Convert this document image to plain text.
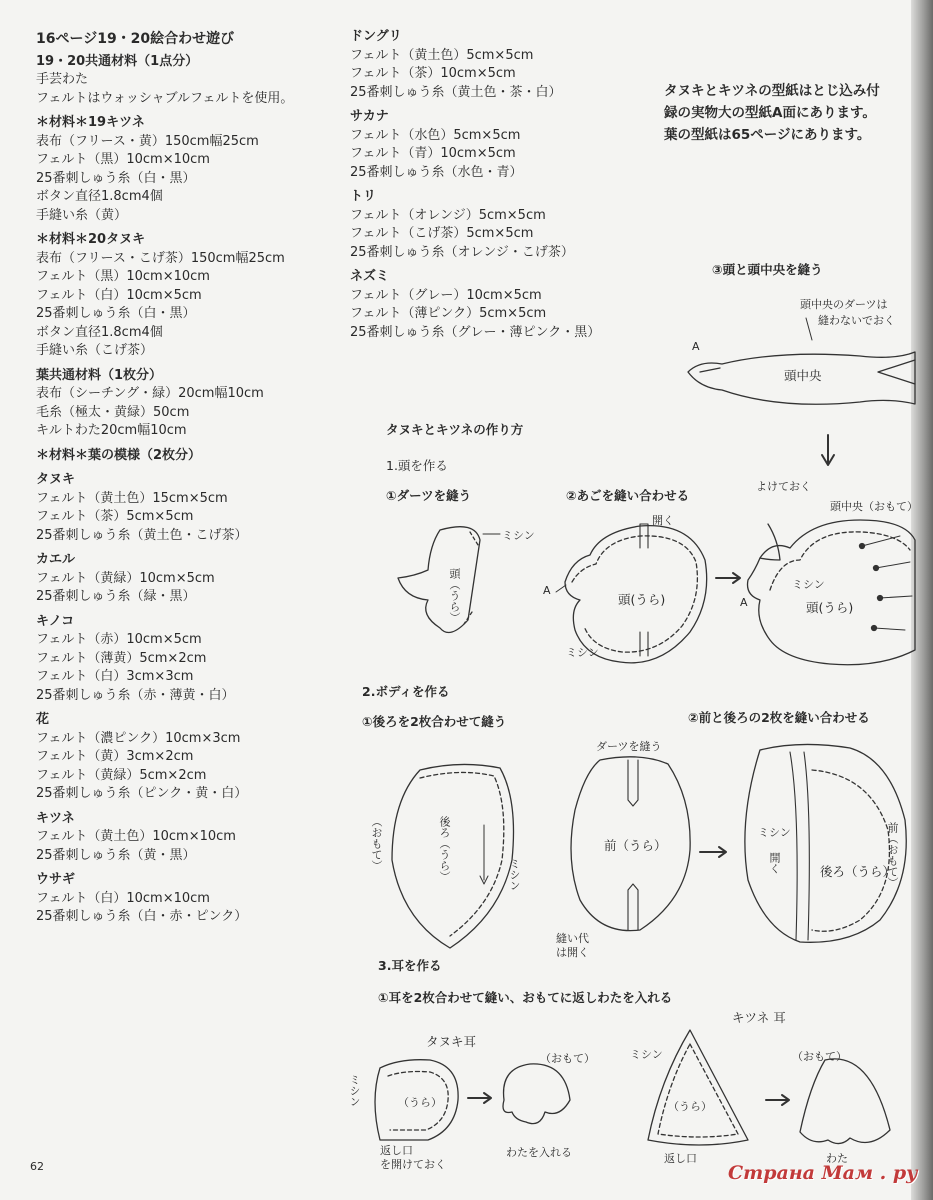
16ページ19・20絵合わせ遊び
19・20共通材料（1点分）
手芸わた
フェルトはウォッシャブルフェルトを使用。
＊材料＊19キツネ
表布（フリース・黄）150cm幅25cm
フェルト（黒）10cm×10cm
25番刺しゅう糸（白・黒）
ボタン直径1.8cm4個
手縫い糸（黄）
＊材料＊20タヌキ
表布（フリース・こげ茶）150cm幅25cm
フェルト（黒）10cm×10cm
フェルト（白）10cm×5cm
25番刺しゅう糸（白・黒）
ボタン直径1.8cm4個
手縫い糸（こげ茶）
葉共通材料（1枚分）
表布（シーチング・緑）20cm幅10cm
毛糸（極太・黄緑）50cm
キルトわた20cm幅10cm
＊材料＊葉の模様（2枚分）
タヌキ
フェルト（黄土色）15cm×5cm
フェルト（茶）5cm×5cm
25番刺しゅう糸（黄土色・こげ茶）
カエル
フェルト（黄緑）10cm×5cm
25番刺しゅう糸（緑・黒）
キノコ
フェルト（赤）10cm×5cm
フェルト（薄黄）5cm×2cm
フェルト（白）3cm×3cm
25番刺しゅう糸（赤・薄黄・白）
花
フェルト（濃ピンク）10cm×3cm
フェルト（黄）3cm×2cm
フェルト（黄緑）5cm×2cm
25番刺しゅう糸（ピンク・黄・白）
キツネ
フェルト（黄土色）10cm×10cm
25番刺しゅう糸（黄・黒）
ウサギ
フェルト（白）10cm×10cm
25番刺しゅう糸（白・赤・ピンク）
ドングリ
フェルト（黄土色）5cm×5cm
フェルト（茶）10cm×5cm
25番刺しゅう糸（黄土色・茶・白）
サカナ
フェルト（水色）5cm×5cm
フェルト（青）10cm×5cm
25番刺しゅう糸（水色・青）
トリ
フェルト（オレンジ）5cm×5cm
フェルト（こげ茶）5cm×5cm
25番刺しゅう糸（オレンジ・こげ茶）
ネズミ
フェルト（グレー）10cm×5cm
フェルト（薄ピンク）5cm×5cm
25番刺しゅう糸（グレー・薄ピンク・黒）
タヌキとキツネの型紙はとじ込み付
録の実物大の型紙A面にあります。
葉の型紙は65ページにあります。
タヌキとキツネの作り方
1.頭を作る
①ダーツを縫う	②あごを縫い合わせる
③頭と頭中央を縫う
2.ボディを作る
①後ろを2枚合わせて縫う	②前と後ろの2枚を縫い合わせる
3.耳を作る
①耳を2枚合わせて縫い、おもてに返しわたを入れる
タヌキ耳
キツネ 耳
ミシン
頭（うら）
開く
A
頭(うら)
ミシン
よけておく
頭中央（おもて）
ミシン
頭(うら)
A
A
頭中央
頭中央のダーツは
縫わないでおく
ダーツを縫う
（おもて）	後ろ（うら）	ミシン
前（うら）
縫い代
は開く
ミシン
開く	後ろ（うら）
前（おもて）
ミシン	（うら）
返し口
を開けておく
（おもて）
わたを入れる
ミシン
（うら）
返し口
（おもて）
わた
62	Страна Мам . ру
